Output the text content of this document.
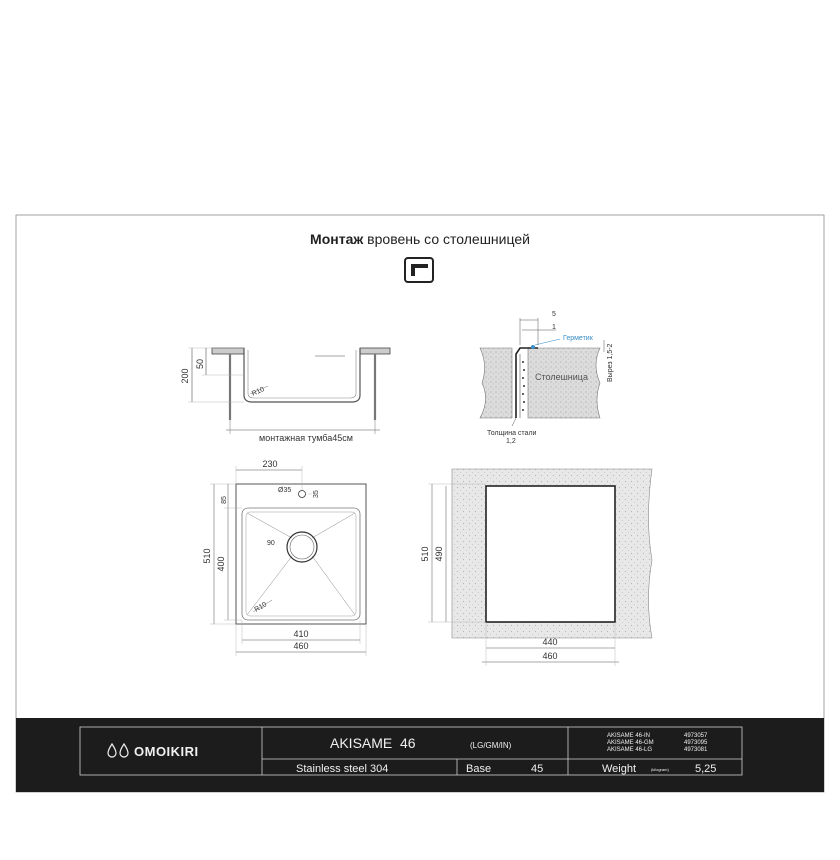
Монтаж вровень со столешницей
200
50
R10
монтажная тумба45см
5
1
Герметик
Столешница	Вырез 1,5-2
Толщина стали
1,2
230
Ø35	35
85
90
R10
510
400
410
460
510 490
440
460
OMOIKIRI
AKISAME  46	(LG/GM/IN)
Stainless steel 304	Base	45	Weight	(kilogram) 5,25
AKISAME 46-IN	4973057
AKISAME 46-GM	4973095
AKISAME 46-LG	4973081
